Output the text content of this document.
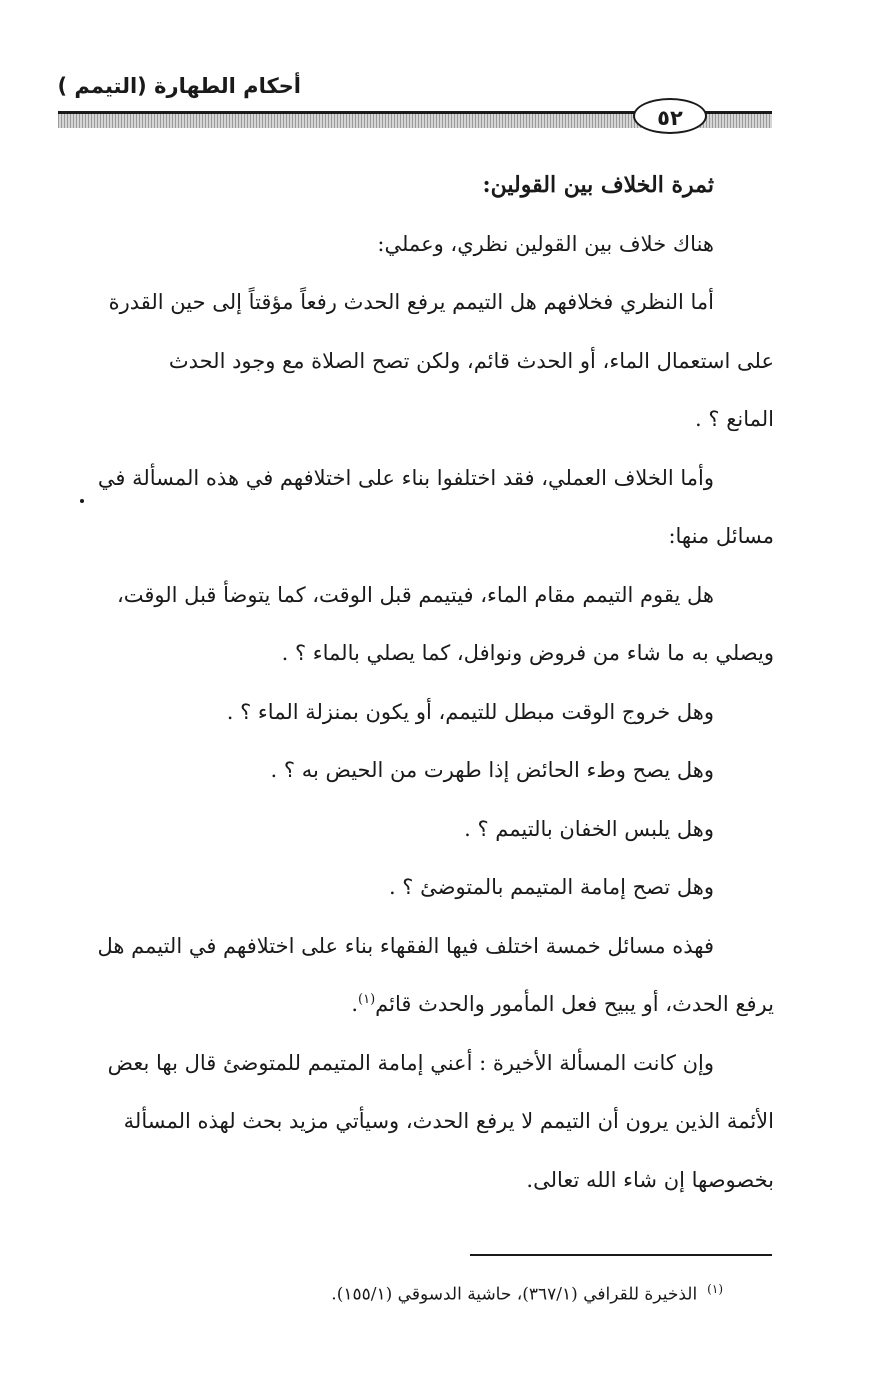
أحكام الطهارة (التيمم )
٥٢
ثمرة الخلاف بين القولين:
هناك خلاف بين القولين نظري، وعملي:
أما النظري فخلافهم هل التيمم يرفع الحدث رفعاً مؤقتاً إلى حين القدرة
على استعمال الماء، أو الحدث قائم، ولكن تصح الصلاة مع وجود الحدث
المانع ؟ .
وأما الخلاف العملي، فقد اختلفوا بناء على اختلافهم في هذه المسألة في
مسائل منها:
هل يقوم التيمم مقام الماء، فيتيمم قبل الوقت، كما يتوضأ قبل الوقت،
ويصلي به ما شاء من فروض ونوافل، كما يصلي بالماء ؟ .
وهل خروج الوقت مبطل للتيمم، أو يكون بمنزلة الماء ؟ .
وهل يصح وطء الحائض إذا طهرت من الحيض به ؟ .
وهل يلبس الخفان بالتيمم ؟ .
وهل تصح إمامة المتيمم بالمتوضئ ؟ .
فهذه مسائل خمسة اختلف فيها الفقهاء بناء على اختلافهم في التيمم هل
يرفع الحدث، أو يبيح فعل المأمور والحدث قائم$^{(١)}$.
وإن كانت المسألة الأخيرة : أعني إمامة المتيمم للمتوضئ قال بها بعض
الأئمة الذين يرون أن التيمم لا يرفع الحدث، وسيأتي مزيد بحث لهذه المسألة
بخصوصها إن شاء الله تعالى.
$^{(١)}$الذخيرة للقرافي (٣٦٧/١)، حاشية الدسوقي (١٥٥/١).
